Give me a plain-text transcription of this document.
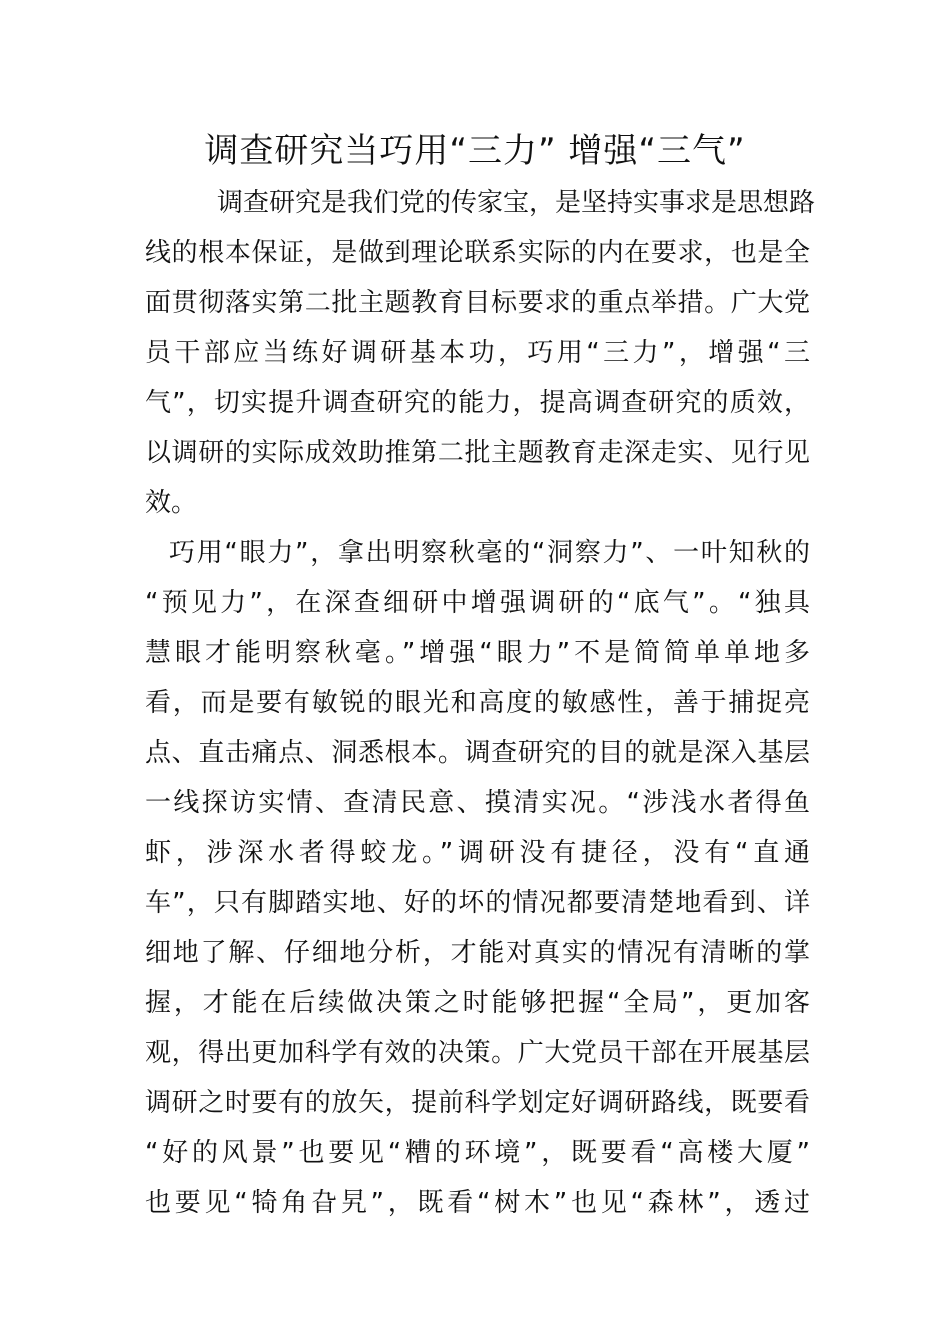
调查研究当巧用“三力” 增强“三气”
调查研究是我们党的传家宝，是坚持实事求是思想路
线的根本保证，是做到理论联系实际的内在要求，也是全
面贯彻落实第二批主题教育目标要求的重点举措。广大党
员干部应当练好调研基本功，巧用“三力”，增强“三
气”，切实提升调查研究的能力，提高调查研究的质效，
以调研的实际成效助推第二批主题教育走深走实、见行见
效。
巧用“眼力”，拿出明察秋毫的“洞察力”、一叶知秋的
“预见力”，在深查细研中增强调研的“底气”。“独具
慧眼才能明察秋毫。”增强“眼力”不是简简单单地多
看，而是要有敏锐的眼光和高度的敏感性，善于捕捉亮
点、直击痛点、洞悉根本。调查研究的目的就是深入基层
一线探访实情、查清民意、摸清实况。“涉浅水者得鱼
虾，涉深水者得蛟龙。”调研没有捷径，没有“直通
车”，只有脚踏实地、好的坏的情况都要清楚地看到、详
细地了解、仔细地分析，才能对真实的情况有清晰的掌
握，才能在后续做决策之时能够把握“全局”，更加客
观，得出更加科学有效的决策。广大党员干部在开展基层
调研之时要有的放矢，提前科学划定好调研路线，既要看
“好的风景”也要见“糟的环境”，既要看“高楼大厦”
也要见“犄角旮旯”，既看“树木”也见“森林”，透过
